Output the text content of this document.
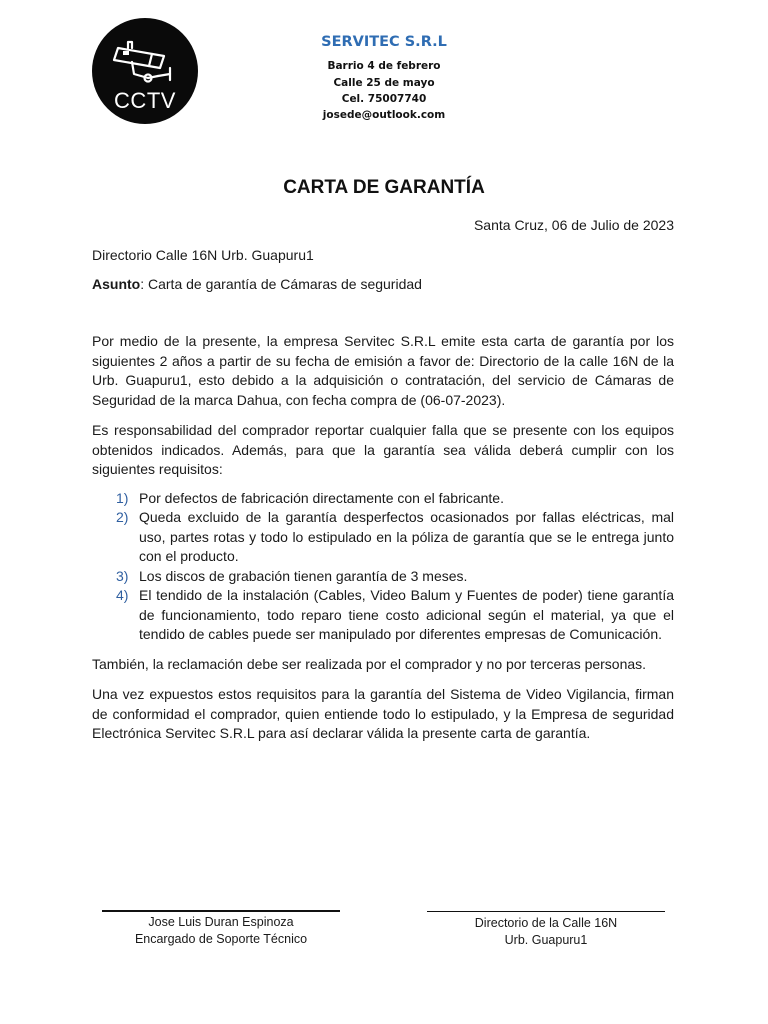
CCTV
SERVITEC S.R.L
Barrio 4 de febrero
Calle 25 de mayo
Cel. 75007740
josede@outlook.com
CARTA DE GARANTÍA
Santa Cruz, 06 de Julio de 2023
Directorio Calle 16N Urb. Guapuru1
Asunto: Carta de garantía de Cámaras de seguridad

Por medio de la presente, la empresa Servitec S.R.L emite esta carta de garantía por los siguientes 2 años a partir de su fecha de emisión a favor de: Directorio de la calle 16N de la Urb. Guapuru1, esto debido a la adquisición o contratación, del servicio de Cámaras de Seguridad de la marca Dahua, con fecha compra de (06-07-2023).

Es responsabilidad del comprador reportar cualquier falla que se presente con los equipos obtenidos indicados. Además, para que la garantía sea válida deberá cumplir con los siguientes requisitos:

1) Por defectos de fabricación directamente con el fabricante.
2) Queda excluido de la garantía desperfectos ocasionados por fallas eléctricas, mal uso, partes rotas y todo lo estipulado en la póliza de garantía que se le entrega junto con el producto.
3) Los discos de grabación tienen garantía de 3 meses.
4) El tendido de la instalación (Cables, Video Balum y Fuentes de poder) tiene garantía de funcionamiento, todo reparo tiene costo adicional según el material, ya que el tendido de cables puede ser manipulado por diferentes empresas de Comunicación.

También, la reclamación debe ser realizada por el comprador y no por terceras personas.

Una vez expuestos estos requisitos para la garantía del Sistema de Video Vigilancia, firman de conformidad el comprador, quien entiende todo lo estipulado, y la Empresa de seguridad Electrónica Servitec S.R.L para así declarar válida la presente carta de garantía.

Jose Luis Duran Espinoza
Encargado de Soporte Técnico
Directorio de la Calle 16N
Urb. Guapuru1
